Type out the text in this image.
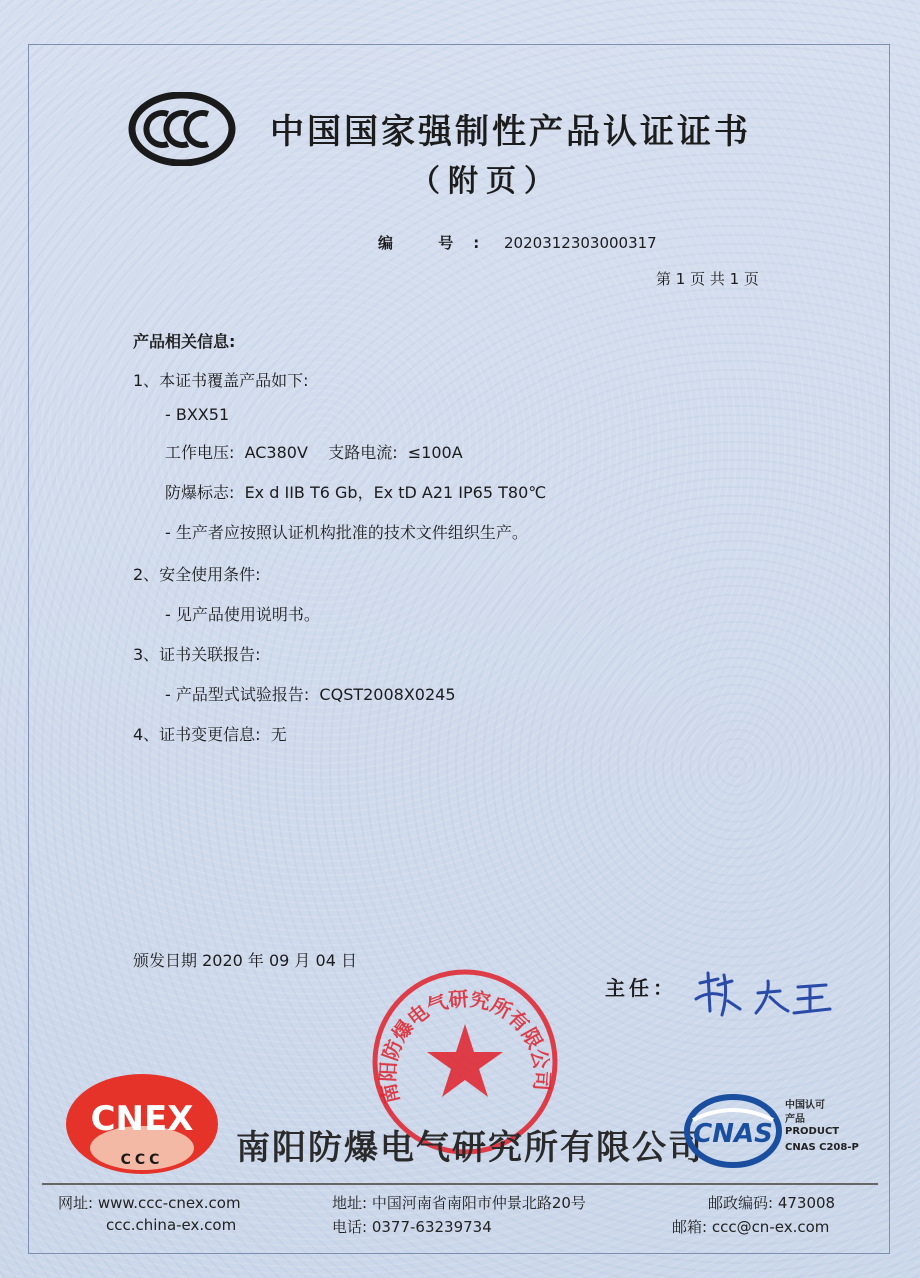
中国国家强制性产品认证证书
（附页）
编 号: 2020312303000317
第 1 页 共 1 页
产品相关信息:
1、本证书覆盖产品如下:
- BXX51
工作电压:  AC380V    支路电流:  ≤100A
防爆标志:  Ex d IIB T6 Gb，Ex tD A21 IP65 T80℃
- 生产者应按照认证机构批准的技术文件组织生产。
2、安全使用条件:
- 见产品使用说明书。
3、证书关联报告:
- 产品型式试验报告:  CQST2008X0245
4、证书变更信息:  无
颁发日期 2020 年 09 月 04 日
主任：
南阳防爆电气研究所有限公司
CNEX
CCC 南阳防爆电气研究所有限公司
CNAS
中国认可
产品
PRODUCT
CNAS C208-P
网址: www.ccc-cnex.com
ccc.china-ex.com
地址: 中国河南省南阳市仲景北路20号
电话: 0377-63239734
邮政编码: 473008
邮箱: ccc@cn-ex.com
